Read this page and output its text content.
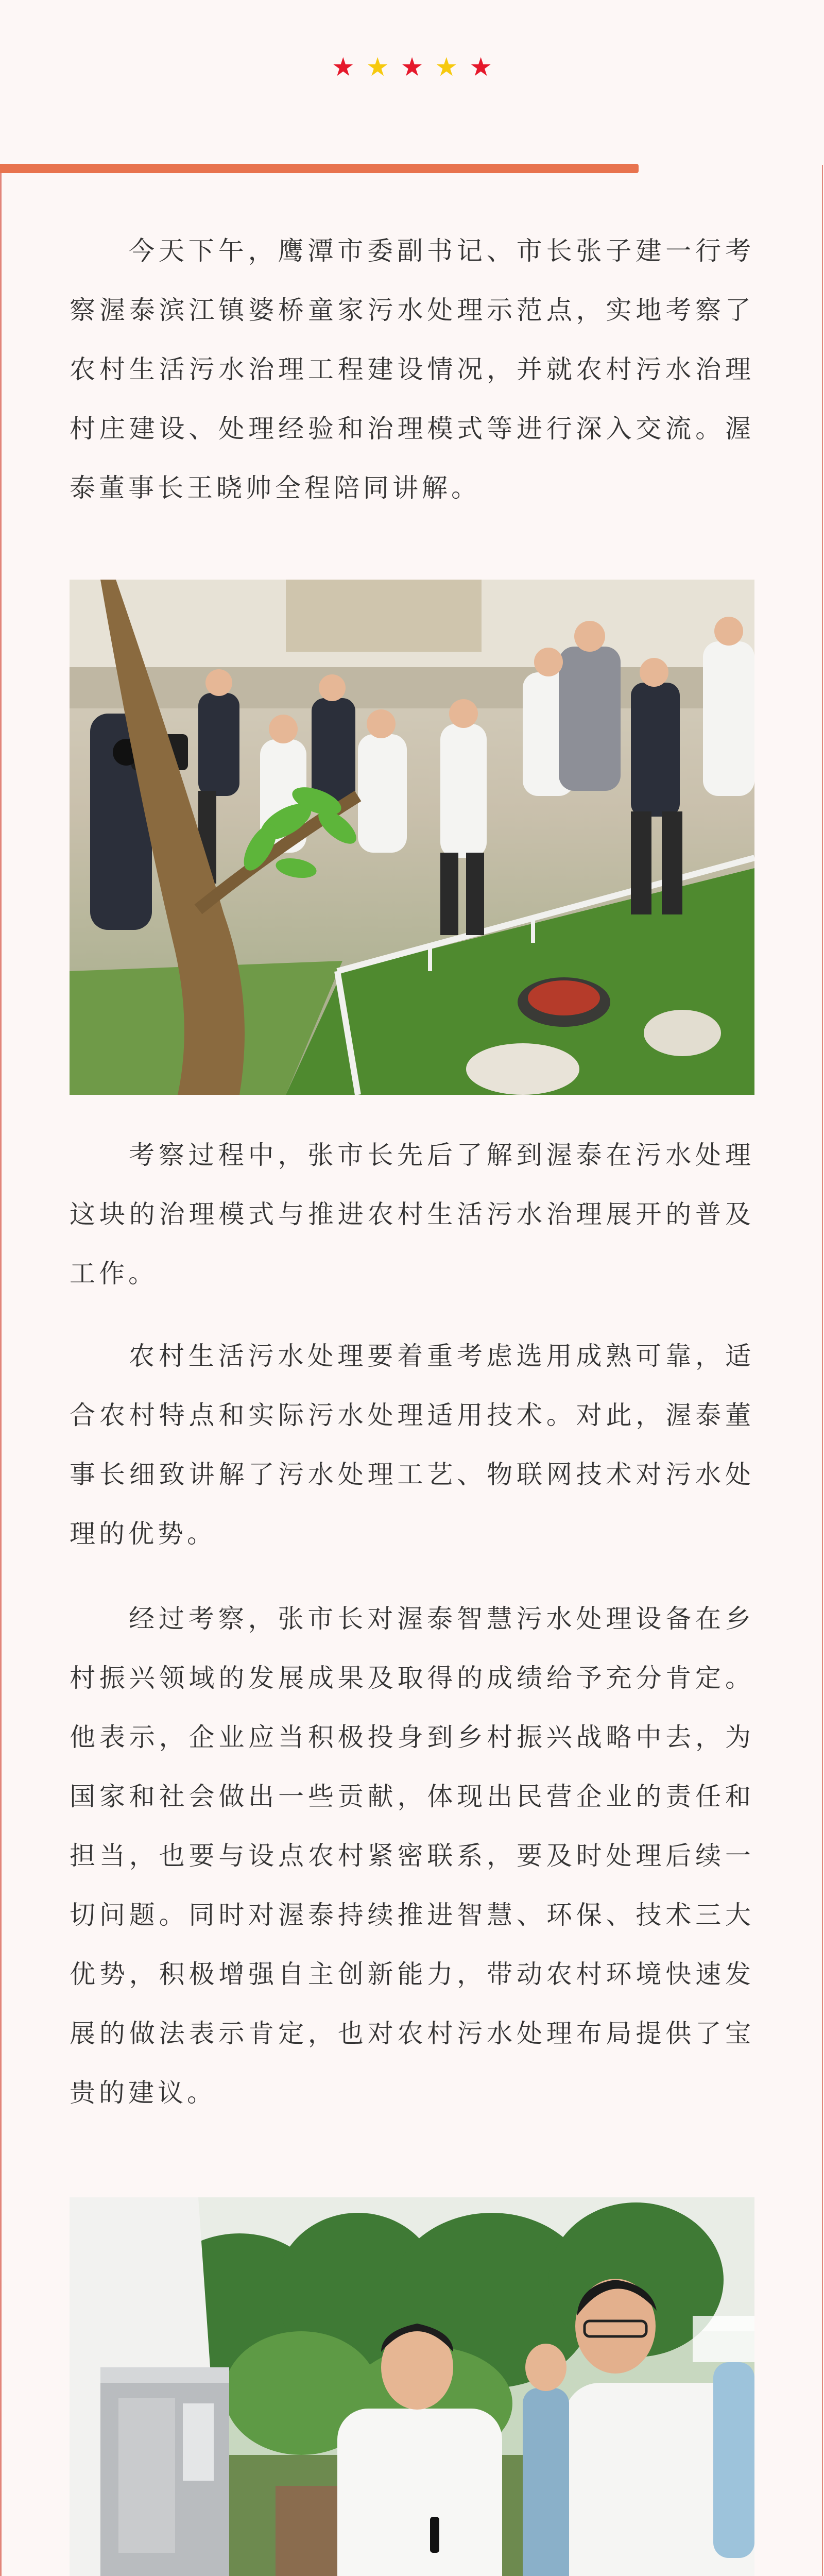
★ ★ ★ ★ ★

今天下午，鹰潭市委副书记、市长张子建一行考察渥泰滨江镇婆桥童家污水处理示范点，实地考察了农村生活污水治理工程建设情况，并就农村污水治理村庄建设、处理经验和治理模式等进行深入交流。渥泰董事长王晓帅全程陪同讲解。

考察过程中，张市长先后了解到渥泰在污水处理这块的治理模式与推进农村生活污水治理展开的普及工作。

农村生活污水处理要着重考虑选用成熟可靠，适合农村特点和实际污水处理适用技术。对此，渥泰董事长细致讲解了污水处理工艺、物联网技术对污水处理的优势。

经过考察，张市长对渥泰智慧污水处理设备在乡村振兴领域的发展成果及取得的成绩给予充分肯定。他表示，企业应当积极投身到乡村振兴战略中去，为国家和社会做出一些贡献，体现出民营企业的责任和担当，也要与设点农村紧密联系，要及时处理后续一切问题。同时对渥泰持续推进智慧、环保、技术三大优势，积极增强自主创新能力，带动农村环境快速发展的做法表示肯定，也对农村污水处理布局提供了宝贵的建议。
